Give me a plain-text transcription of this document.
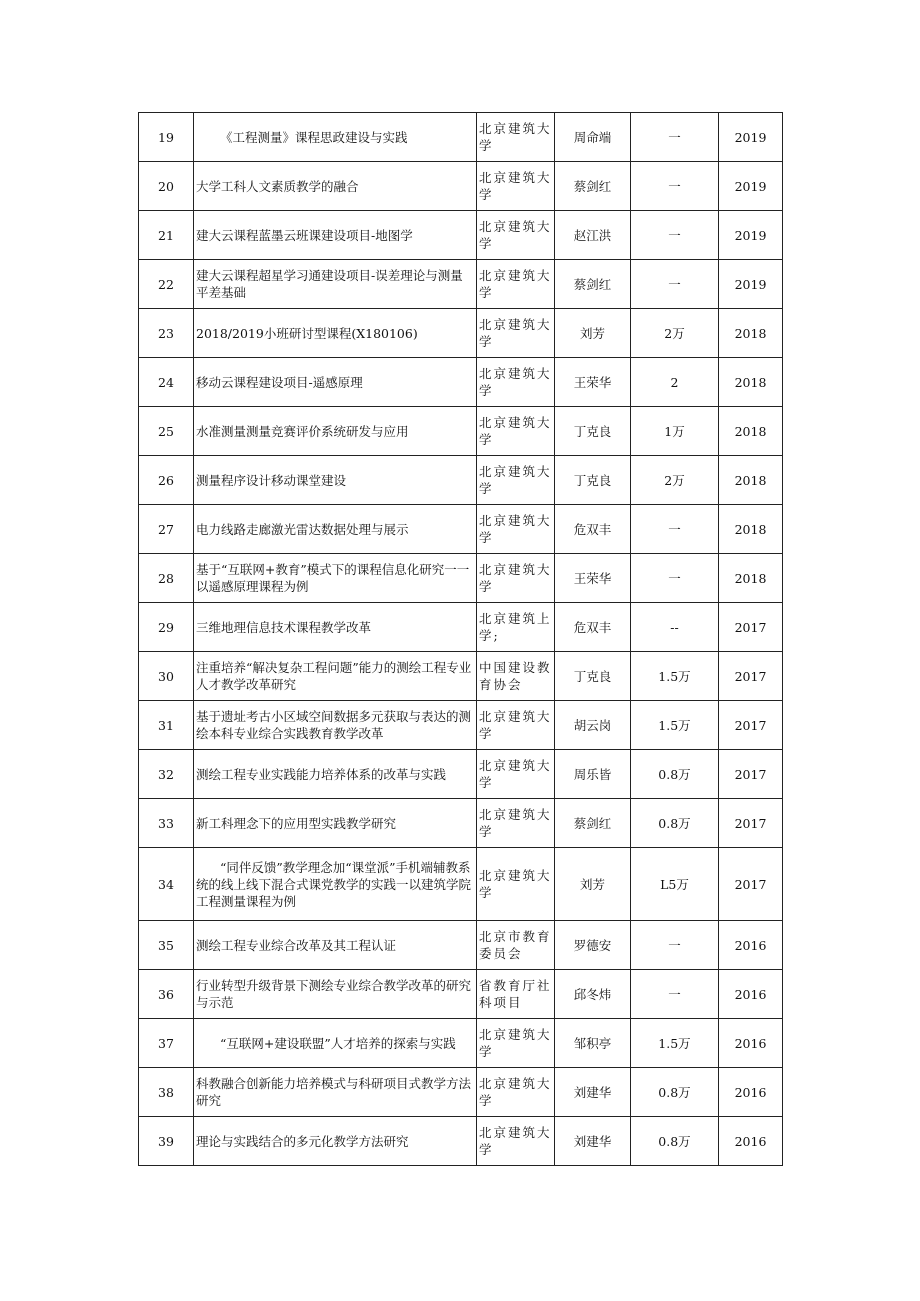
19	《工程测量》课程思政建设与实践	北京建筑大学	周命端	一	2019
20	大学工科人文素质教学的融合	北京建筑大学	蔡剑红	一	2019
21	建大云课程蓝墨云班课建设项目-地图学	北京建筑大学	赵江洪	一	2019
22	建大云课程超星学习通建设项目-误差理论与测量平差基础	北京建筑大学	蔡剑红	一	2019
23	2018/2019小班研讨型课程(X180106)	北京建筑大学	刘芳	2万	2018
24	移动云课程建设项目-遥感原理	北京建筑大学	王荣华	2	2018
25	水准测量测量竞赛评价系统研发与应用	北京建筑大学	丁克良	1万	2018
26	测量程序设计移动课堂建设	北京建筑大学	丁克良	2万	2018
27	电力线路走廊激光雷达数据处理与展示	北京建筑大学	危双丰	一	2018
28	基于“互联网+教育”模式下的课程信息化研究一一以遥感原理课程为例	北京建筑大学	王荣华	一	2018
29	三维地理信息技术课程教学改革	北京建筑上学;	危双丰	--	2017
30	注重培养“解决复杂工程问题”能力的测绘工程专业人才教学改革研究	中国建设教育协会	丁克良	1.5万	2017
31	基于遗址考古小区域空间数据多元获取与表达的测绘本科专业综合实践教育教学改革	北京建筑大学	胡云岗	1.5万	2017
32	测绘工程专业实践能力培养体系的改革与实践	北京建筑大学	周乐皆	0.8万	2017
33	新工科理念下的应用型实践教学研究	北京建筑大学	蔡剑红	0.8万	2017
34	“同伴反馈”教学理念加“课堂派”手机端辅教系统的线上线下混合式课党教学的实践一以建筑学院工程测量课程为例	北京建筑大学	刘芳	L5万	2017
35	测绘工程专业综合改革及其工程认证	北京市教育委员会	罗德安	一	2016
36	行业转型升级背景下测绘专业综合教学改革的研究与示范	省教育厅社科项目	邱冬炜	一	2016
37	“互联网+建设联盟”人才培养的探索与实践	北京建筑大学	邹积亭	1.5万	2016
38	科教融合创新能力培养模式与科研项目式教学方法研究	北京建筑大学	刘建华	0.8万	2016
39	理论与实践结合的多元化教学方法研究	北京建筑大学	刘建华	0.8万	2016
